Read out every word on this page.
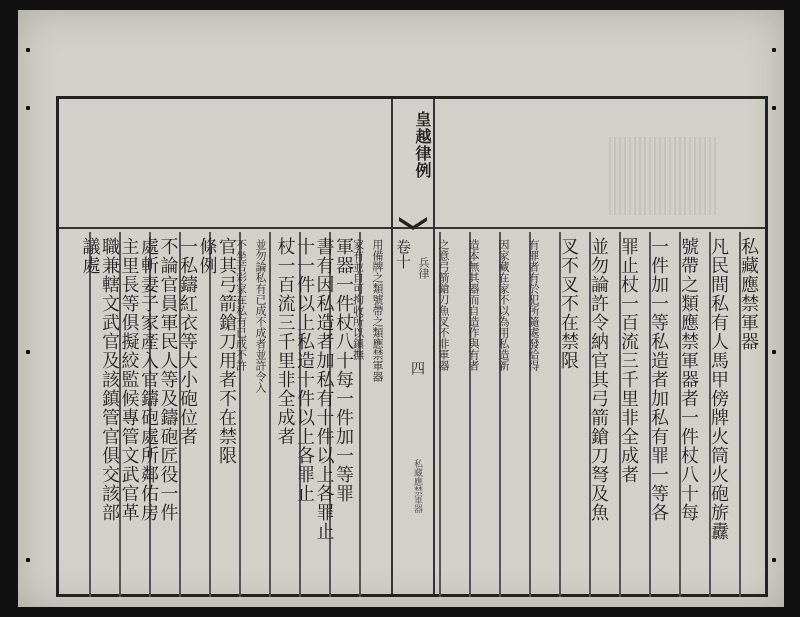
皇越律例
卷十 兵律
四
私藏應禁軍器
私藏應禁軍器
凡民間私有人馬甲傍牌火筒火砲旂纛
號帶之類應禁軍器者一件杖八十每
一件加一等私造者加私有罪一等各
罪止杖一百流三千里非全成者
並勿論許令納官其弓箭鎗刀弩及魚
叉不叉不在禁限
有罪者有於犯所隨處發給得
因家藏在家不以為用私造新
造本無其器而自造作與有者
之意弓箭鎗刀魚叉不非軍器
用備牌之類號帶之類應禁軍器
家有並自可拘收所以鎮撫
軍器一件杖八十每一件加一等罪
書有因私造者加私有十件以上各罪止
十一件以上私造十件以上各罪止
杖一百流三千里非全成者
並勿論私有已成不成者並許令入
不坐若彩家在私有已成不許
官其弓箭鎗刀用者不在禁限
條例
一私鑄紅衣等大小砲位者
不論官員軍民人等及鑄砲匠役一件
處斬妻子家產入官鑄砲處所鄰佑房
主里長等俱擬絞監候專管文武官革
職兼轄文武官及該鎮管官俱交該部
議處
